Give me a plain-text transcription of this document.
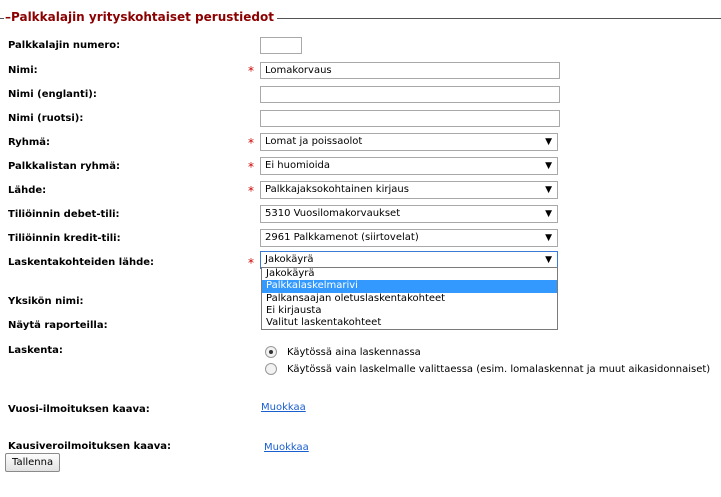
–Palkkalajin yrityskohtaiset perustiedot
Palkkalajin numero:
Nimi:	*	Lomakorvaus
Nimi (englanti):
Nimi (ruotsi):
Ryhmä:	*	Lomat ja poissaolot	▼
Palkkalistan ryhmä:	*	Ei huomioida	▼
Lähde:	*	Palkkajaksokohtainen kirjaus	▼
Tiliöinnin debet-tili:	5310 Vuosilomakorvaukset	▼
Tiliöinnin kredit-tili:	2961 Palkkamenot (siirtovelat)	▼
Laskentakohteiden lähde:	*	Jakokäyrä	▼
Jakokäyrä
Palkkalaskelmarivi
Palkansaajan oletuslaskentakohteet
Ei kirjausta
Valitut laskentakohteet
Yksikön nimi:
Näytä raporteilla:
Laskenta:	Käytössä aina laskennassa
Käytössä vain laskelmalle valittaessa (esim. lomalaskennat ja muut aikasidonnaiset)
Vuosi-ilmoituksen kaava:	Muokkaa
Kausiveroilmoituksen kaava:	Muokkaa
Tallenna
